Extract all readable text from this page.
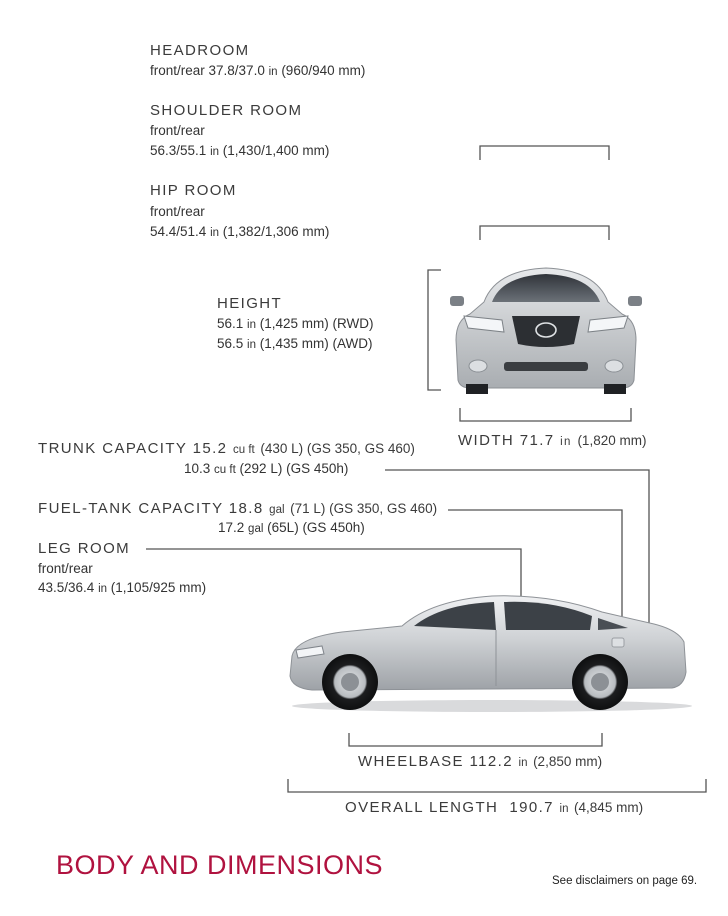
HEADROOM
front/rear 37.8/37.0 in (960/940 mm)
SHOULDER ROOM
front/rear
56.3/55.1 in (1,430/1,400 mm)
HIP ROOM
front/rear
54.4/51.4 in (1,382/1,306 mm)
HEIGHT
56.1 in (1,425 mm) (RWD)
56.5 in (1,435 mm) (AWD)
WIDTH 71.7 in (1,820 mm)
TRUNK CAPACITY 15.2 cu ft (430 L) (GS 350, GS 460)
10.3 cu ft (292 L) (GS 450h)
FUEL-TANK CAPACITY 18.8 gal (71 L) (GS 350, GS 460)
17.2 gal (65L) (GS 450h)
LEG ROOM
front/rear
43.5/36.4 in (1,105/925 mm)
WHEELBASE 112.2 in (2,850 mm)
OVERALL LENGTH  190.7 in (4,845 mm)
BODY AND DIMENSIONS
See disclaimers on page 69.
